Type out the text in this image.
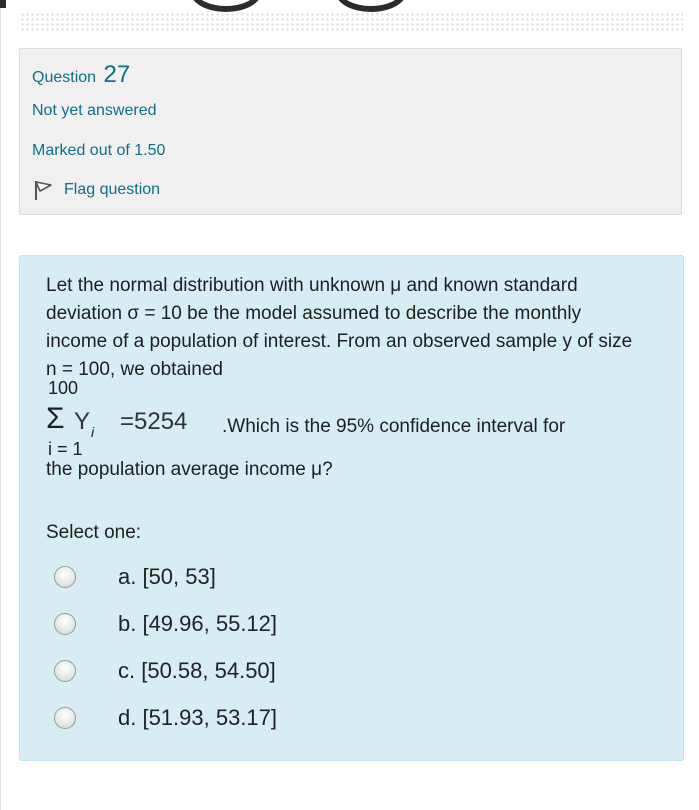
Question 27
Not yet answered
Marked out of 1.50
Flag question
Let the normal distribution with unknown μ and known standard deviation σ = 10 be the model assumed to describe the monthly income of a population of interest. From an observed sample y of size n = 100, we obtained
100
Σ Y i =5254 .Which is the 95% confidence interval for
i = 1
the population average income μ?
Select one:
a. [50, 53]
b. [49.96, 55.12]
c. [50.58, 54.50]
d. [51.93, 53.17]
